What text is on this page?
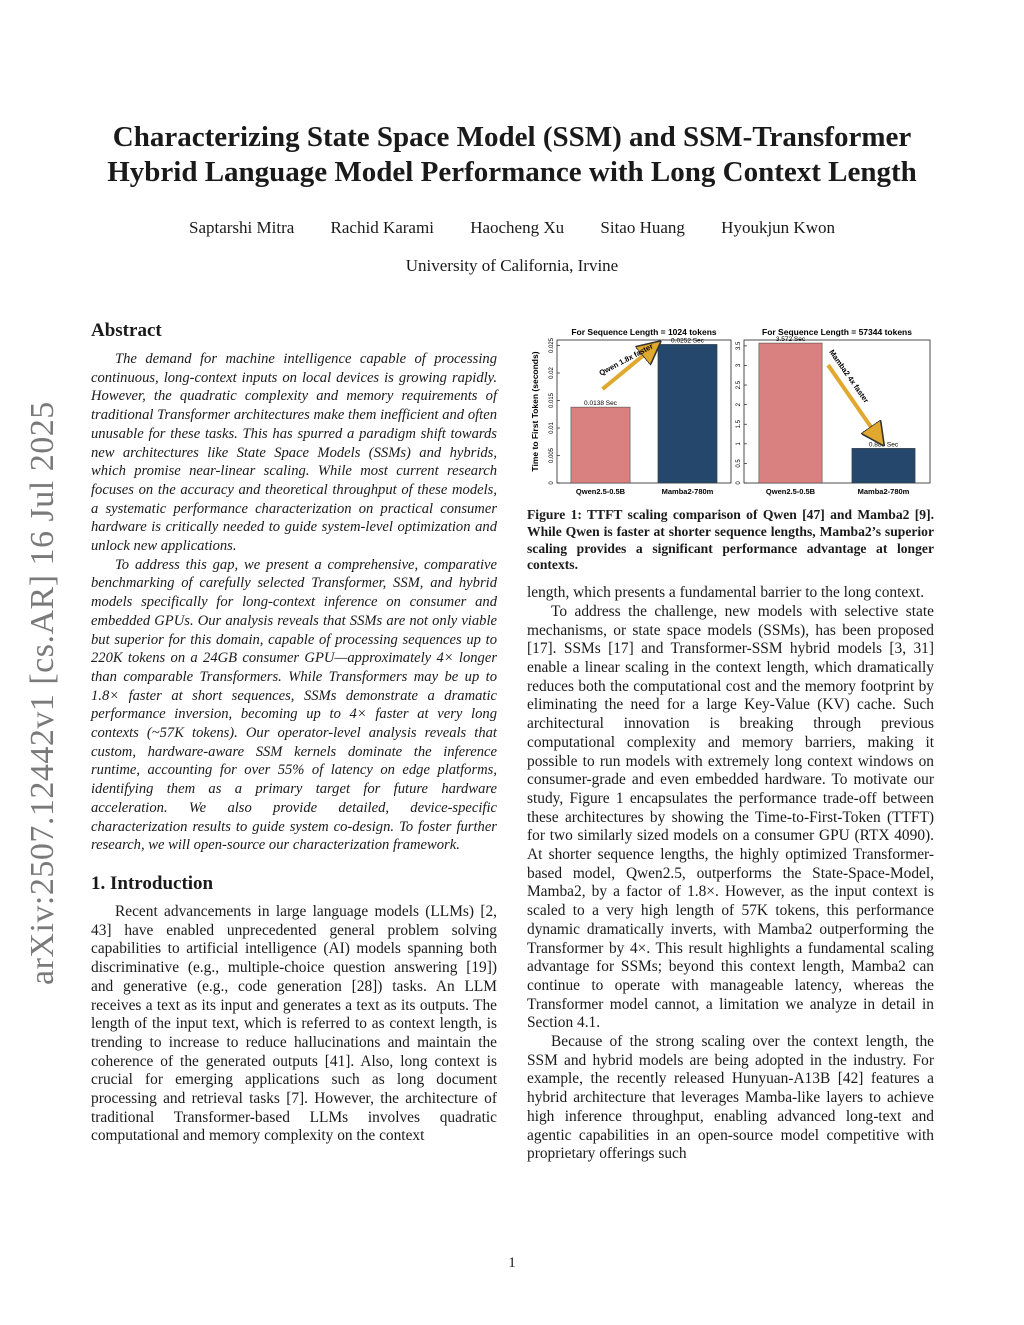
arXiv:2507.12442v1 [cs.AR] 16 Jul 2025
Characterizing State Space Model (SSM) and SSM-Transformer
Hybrid Language Model Performance with Long Context Length
Saptarshi Mitra Rachid Karami Haocheng Xu Sitao Huang Hyoukjun Kwon
University of California, Irvine
Abstract

The demand for machine intelligence capable of processing continuous, long-context inputs on local devices is growing rapidly. However, the quadratic complexity and memory requirements of traditional Transformer architectures make them inefficient and often unusable for these tasks. This has spurred a paradigm shift towards new architectures like State Space Models (SSMs) and hybrids, which promise near-linear scaling. While most current research focuses on the accuracy and theoretical throughput of these models, a systematic performance characterization on practical consumer hardware is critically needed to guide system-level optimization and unlock new applications.

To address this gap, we present a comprehensive, comparative benchmarking of carefully selected Transformer, SSM, and hybrid models specifically for long-context inference on consumer and embedded GPUs. Our analysis reveals that SSMs are not only viable but superior for this domain, capable of processing sequences up to 220K tokens on a 24GB consumer GPU—approximately 4× longer than comparable Transformers. While Transformers may be up to 1.8× faster at short sequences, SSMs demonstrate a dramatic performance inversion, becoming up to 4× faster at very long contexts (~57K tokens). Our operator-level analysis reveals that custom, hardware-aware SSM kernels dominate the inference runtime, accounting for over 55% of latency on edge platforms, identifying them as a primary target for future hardware acceleration. We also provide detailed, device-specific characterization results to guide system co-design. To foster further research, we will open-source our characterization framework.

1. Introduction

Recent advancements in large language models (LLMs) [2, 43] have enabled unprecedented general problem solving capabilities to artificial intelligence (AI) models spanning both discriminative (e.g., multiple-choice question answering [19]) and generative (e.g., code generation [28]) tasks. An LLM receives a text as its input and generates a text as its outputs. The length of the input text, which is referred to as context length, is trending to increase to reduce hallucinations and maintain the coherence of the generated outputs [41]. Also, long context is crucial for emerging applications such as long document processing and retrieval tasks [7]. However, the architecture of traditional Transformer-based LLMs involves quadratic computational and memory complexity on the context

Time to First Token (seconds)
For Sequence Length = 1024 tokens
0
0.005
0.01
0.015
0.02
0.025
0.0138 Sec
Qwen2.5-0.5B
0.0252 Sec
Mamba2-780m
Qwen 1.8x faster
For Sequence Length = 57344 tokens
0
0.5
1
1.5
2
2.5
3
3.5
3.572 Sec
Qwen2.5-0.5B
0.885 Sec
Mamba2-780m
Mamba2 4x faster
Figure 1: TTFT scaling comparison of Qwen [47] and Mamba2 [9]. While Qwen is faster at shorter sequence lengths, Mamba2’s superior scaling provides a significant performance advantage at longer contexts.

length, which presents a fundamental barrier to the long context.

To address the challenge, new models with selective state mechanisms, or state space models (SSMs), has been proposed [17]. SSMs [17] and Transformer-SSM hybrid models [3, 31] enable a linear scaling in the context length, which dramatically reduces both the computational cost and the memory footprint by eliminating the need for a large Key-Value (KV) cache. Such architectural innovation is breaking through previous computational complexity and memory barriers, making it possible to run models with extremely long context windows on consumer-grade and even embedded hardware. To motivate our study, Figure 1 encapsulates the performance trade-off between these architectures by showing the Time-to-First-Token (TTFT) for two similarly sized models on a consumer GPU (RTX 4090). At shorter sequence lengths, the highly optimized Transformer-based model, Qwen2.5, outperforms the State-Space-Model, Mamba2, by a factor of 1.8×. However, as the input context is scaled to a very high length of 57K tokens, this performance dynamic dramatically inverts, with Mamba2 outperforming the Transformer by 4×. This result highlights a fundamental scaling advantage for SSMs; beyond this context length, Mamba2 can continue to operate with manageable latency, whereas the Transformer model cannot, a limitation we analyze in detail in Section 4.1.

Because of the strong scaling over the context length, the SSM and hybrid models are being adopted in the industry. For example, the recently released Hunyuan-A13B [42] features a hybrid architecture that leverages Mamba-like layers to achieve high inference throughput, enabling advanced long-text and agentic capabilities in an open-source model competitive with proprietary offerings such

1
